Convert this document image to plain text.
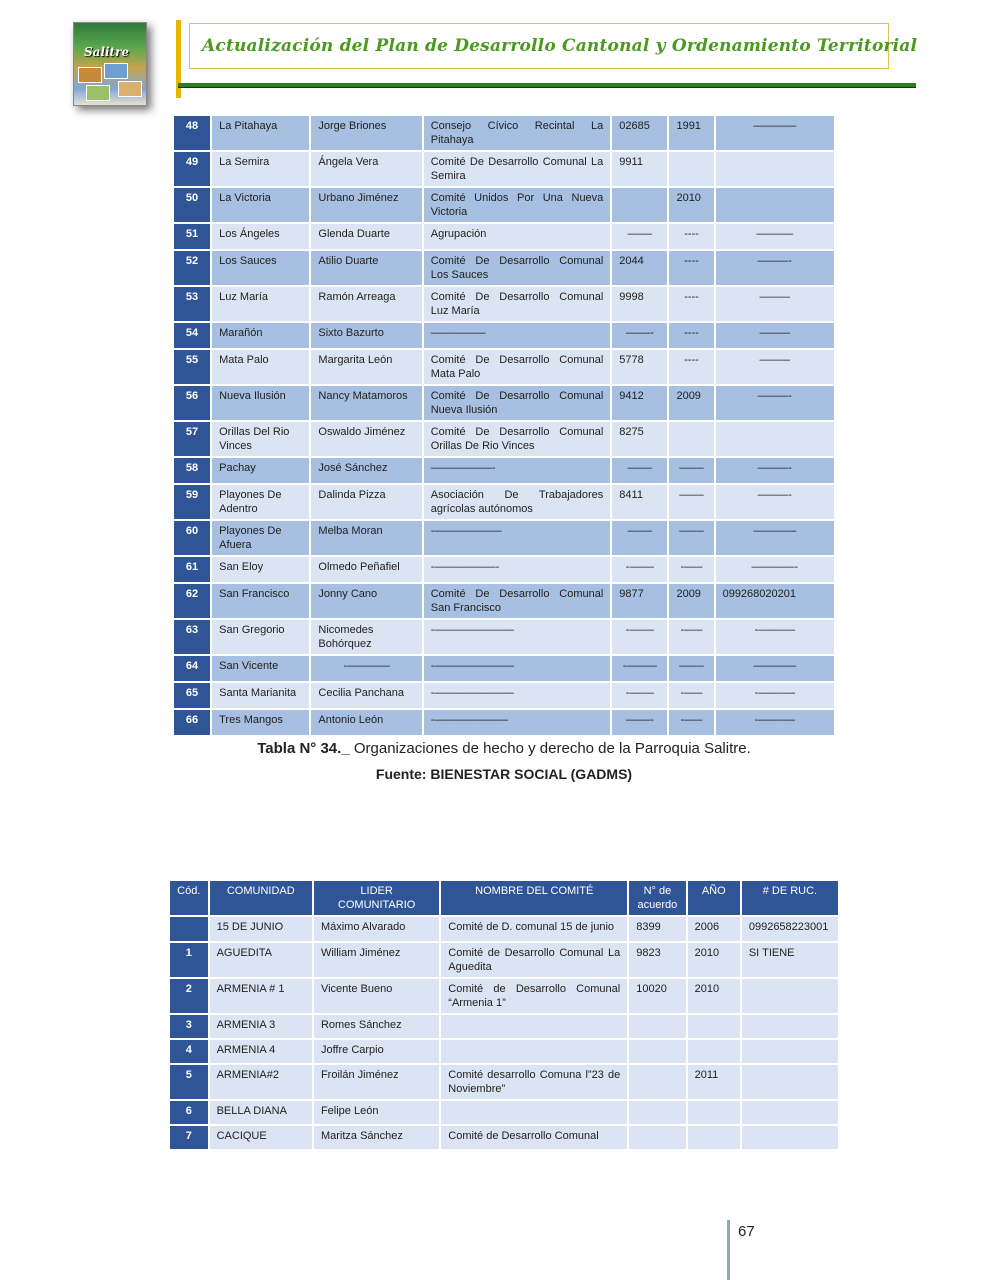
Salitre	Actualización del Plan de Desarrollo Cantonal y Ordenamiento Territorial
48	La Pitahaya	Jorge Briones	Consejo Cívico Recintal La Pitahaya	02685	1991	–––––––
49	La Semira	Ángela Vera	Comité De Desarrollo Comunal La Semira	9911		
50	La Victoria	Urbano Jiménez	Comité Unidos Por Una Nueva Victoria		2010	
51	Los Ángeles	Glenda Duarte	Agrupación	––––	----	––––––
52	Los Sauces	Atilio Duarte	Comité De Desarrollo Comunal Los Sauces	2044	----	–––––-
53	Luz María	Ramón Arreaga	Comité De Desarrollo Comunal Luz María	9998	----	–––––
54	Marañón	Sixto Bazurto	–––––––––	––––-	----	–––––
55	Mata Palo	Margarita León	Comité De Desarrollo Comunal Mata Palo	5778	----	–––––
56	Nueva Ilusión	Nancy Matamoros	Comité De Desarrollo Comunal Nueva Ilusión	9412	2009	–––––-
57	Orillas Del Rio Vinces	Oswaldo Jiménez	Comité De Desarrollo Comunal Orillas De Rio Vinces	8275		
58	Pachay	José Sánchez	––––––––––-	––––	––––	–––––-
59	Playones De Adentro	Dalinda Pizza	Asociación De Trabajadores agrícolas autónomos	8411	––––	–––––-
60	Playones De Afuera	Melba Moran	-–––––––––––	––––	––––	–––––––
61	San Eloy	Olmedo Peñafiel	-––––––––––-	-––––	-–––	–––––––-
62	San Francisco	Jonny Cano	Comité De Desarrollo Comunal San Francisco	9877	2009	099268020201
63	San Gregorio	Nicomedes Bohórquez	-–––––––––––––	-––––	-–––	-––––––
64	San Vicente	-–––––––	-–––––––––––––	-–––––	––––	–––––––
65	Santa Marianita	Cecilia Panchana	-–––––––––––––	-––––	-–––	-––––––
66	Tres Mangos	Antonio León	-––––––––––––	––––-	-–––	-––––––
Tabla N° 34._ Organizaciones de hecho y derecho de la Parroquia Salitre.
Fuente: BIENESTAR SOCIAL (GADMS)
Cód.	COMUNIDAD	LIDER COMUNITARIO	NOMBRE DEL COMITÉ	N° de acuerdo	AÑO	# DE RUC.
	15 DE JUNIO	Máximo Alvarado	Comité de D. comunal 15 de junio	8399	2006	0992658223001
1	AGUEDITA	William Jiménez	Comité de Desarrollo Comunal La Aguedita	9823	2010	SI TIENE
2	ARMENIA # 1	Vicente Bueno	Comité de Desarrollo Comunal “Armenia 1”	10020	2010	
3	ARMENIA 3	Romes Sánchez				
4	ARMENIA 4	Joffre Carpio				
5	ARMENIA#2	Froilán Jiménez	Comité desarrollo Comuna l”23 de Noviembre”		2011	
6	BELLA DIANA	Felipe León				
7	CACIQUE	Maritza Sánchez	Comité de Desarrollo Comunal			
67
